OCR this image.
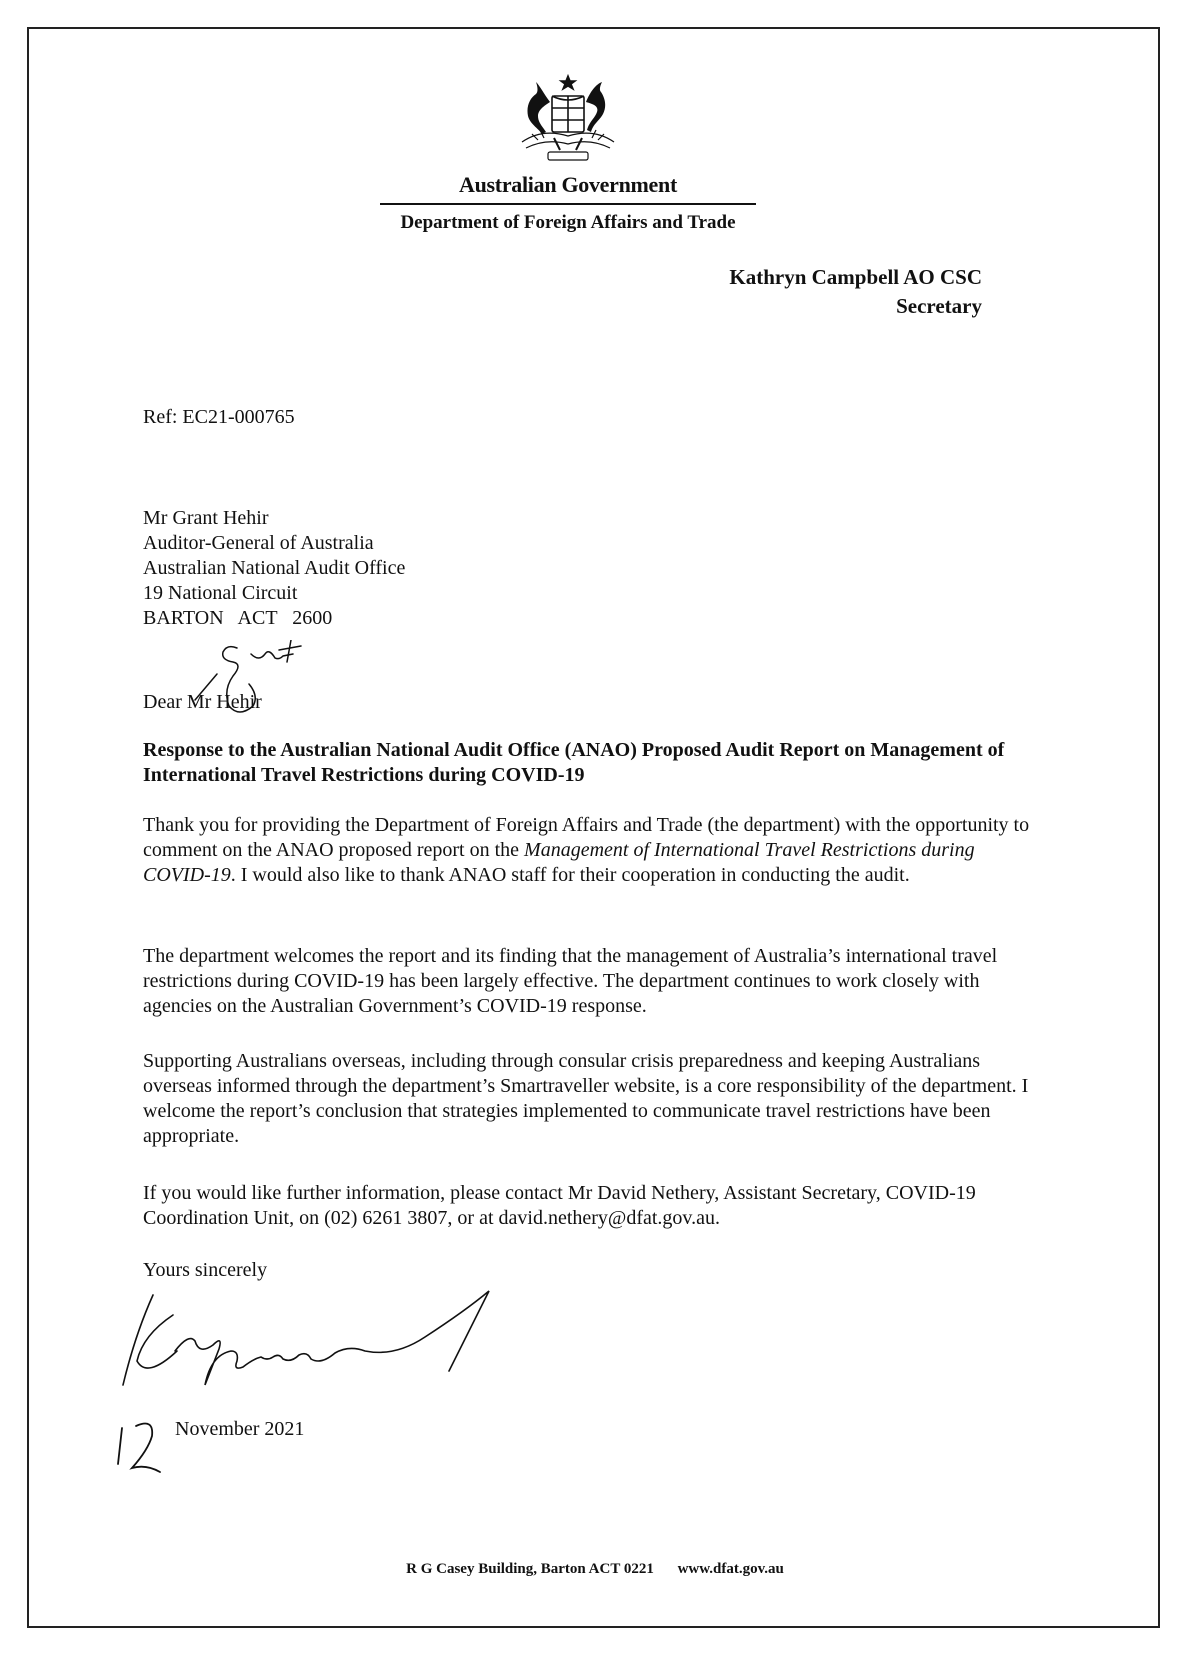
Australian Government
Department of Foreign Affairs and Trade
Kathryn Campbell AO CSC
Secretary
Ref: EC21-000765
Mr Grant Hehir
Auditor-General of Australia
Australian National Audit Office
19 National Circuit
BARTON   ACT   2600
Dear Mr Hehir
Response to the Australian National Audit Office (ANAO) Proposed Audit Report on Management of International Travel Restrictions during COVID-19
Thank you for providing the Department of Foreign Affairs and Trade (the department) with the opportunity to comment on the ANAO proposed report on the Management of International Travel Restrictions during COVID-19. I would also like to thank ANAO staff for their cooperation in conducting the audit.
The department welcomes the report and its finding that the management of Australia’s international travel restrictions during COVID-19 has been largely effective. The department continues to work closely with agencies on the Australian Government’s COVID-19 response.
Supporting Australians overseas, including through consular crisis preparedness and keeping Australians overseas informed through the department’s Smartraveller website, is a core responsibility of the department. I welcome the report’s conclusion that strategies implemented to communicate travel restrictions have been appropriate.
If you would like further information, please contact Mr David Nethery, Assistant Secretary, COVID-19 Coordination Unit, on (02) 6261 3807, or at david.nethery@dfat.gov.au.
Yours sincerely
November 2021
R G Casey Building, Barton ACT 0221 www.dfat.gov.au
